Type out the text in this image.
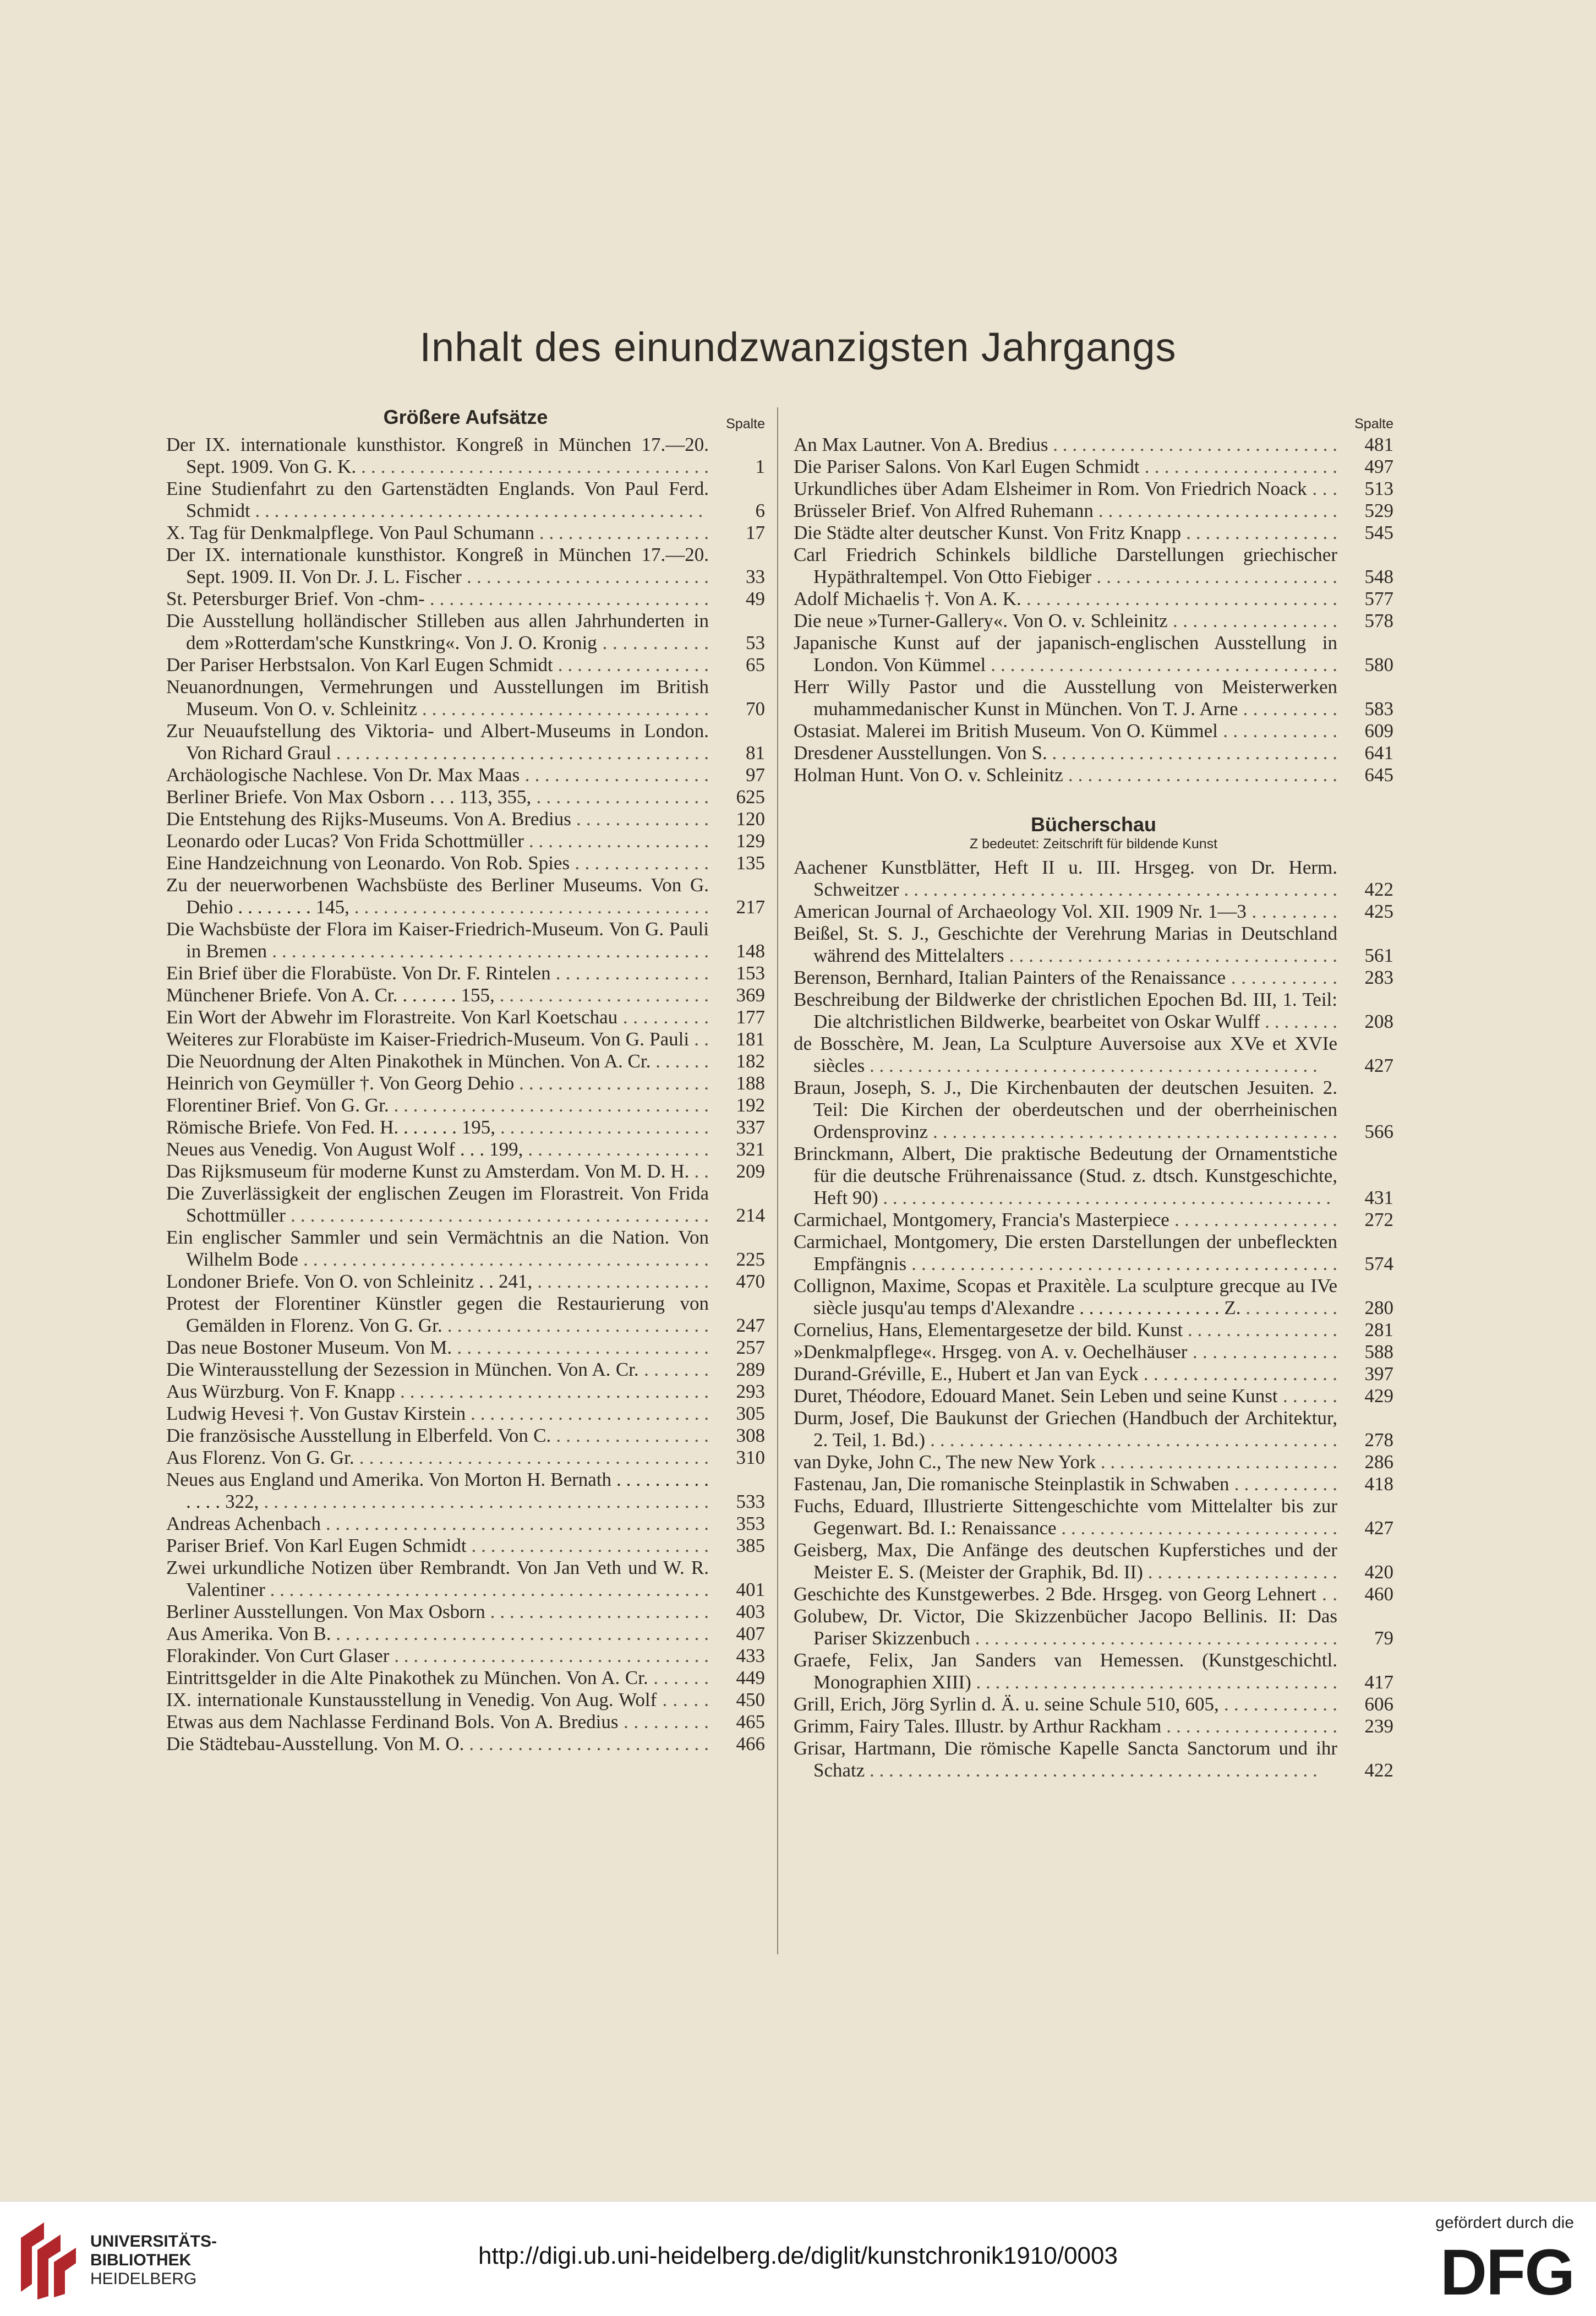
Inhalt des einundzwanzigsten Jahrgangs
Größere Aufsätze	Spalte
Der IX. internationale kunsthistor. Kongreß in München 17.—20. Sept. 1909. Von G. K. . . .	1
Eine Studienfahrt zu den Gartenstädten Englands. Von Paul Ferd. Schmidt . . .	6
X. Tag für Denkmalpflege. Von Paul Schumann . . .	17
Der IX. internationale kunsthistor. Kongreß in München 17.—20. Sept. 1909. II. Von Dr. J. L. Fischer . . .	33
St. Petersburger Brief. Von -chm- . . .	49
Die Ausstellung holländischer Stilleben aus allen Jahrhunderten in dem »Rotterdam'sche Kunstkring«. Von J. O. Kronig . . .	53
Der Pariser Herbstsalon. Von Karl Eugen Schmidt . . .	65
Neuanordnungen, Vermehrungen und Ausstellungen im British Museum. Von O. v. Schleinitz . . .	70
Zur Neuaufstellung des Viktoria- und Albert-Museums in London. Von Richard Graul . . .	81
Archäologische Nachlese. Von Dr. Max Maas . . .	97
Berliner Briefe. Von Max Osborn . . . 113, 355, . . .	625
Die Entstehung des Rijks-Museums. Von A. Bredius . . .	120
Leonardo oder Lucas? Von Frida Schottmüller . . .	129
Eine Handzeichnung von Leonardo. Von Rob. Spies . . .	135
Zu der neuerworbenen Wachsbüste des Berliner Museums. Von G. Dehio . . . . . . . . 145, . . .	217
Die Wachsbüste der Flora im Kaiser-Friedrich-Museum. Von G. Pauli in Bremen . . .	148
Ein Brief über die Florabüste. Von Dr. F. Rintelen . . .	153
Münchener Briefe. Von A. Cr. . . . . . . 155, . . .	369
Ein Wort der Abwehr im Florastreite. Von Karl Koetschau . . .	177
Weiteres zur Florabüste im Kaiser-Friedrich-Museum. Von G. Pauli . . .	181
Die Neuordnung der Alten Pinakothek in München. Von A. Cr. . . .	182
Heinrich von Geymüller †. Von Georg Dehio . . .	188
Florentiner Brief. Von G. Gr. . . .	192
Römische Briefe. Von Fed. H. . . . . . . 195, . . .	337
Neues aus Venedig. Von August Wolf . . . 199, . . .	321
Das Rijksmuseum für moderne Kunst zu Amsterdam. Von M. D. H. . . .	209
Die Zuverlässigkeit der englischen Zeugen im Florastreit. Von Frida Schottmüller . . .	214
Ein englischer Sammler und sein Vermächtnis an die Nation. Von Wilhelm Bode . . .	225
Londoner Briefe. Von O. von Schleinitz . . 241, . . .	470
Protest der Florentiner Künstler gegen die Restaurierung von Gemälden in Florenz. Von G. Gr. . . .	247
Das neue Bostoner Museum. Von M. . . .	257
Die Winterausstellung der Sezession in München. Von A. Cr. . . .	289
Aus Würzburg. Von F. Knapp . . .	293
Ludwig Hevesi †. Von Gustav Kirstein . . .	305
Die französische Ausstellung in Elberfeld. Von C. . . .	308
Aus Florenz. Von G. Gr. . . .	310
Neues aus England und Amerika. Von Morton H. Bernath . . . . . . . . . . . . . . 322, . . .	533
Andreas Achenbach . . .	353
Pariser Brief. Von Karl Eugen Schmidt . . .	385
Zwei urkundliche Notizen über Rembrandt. Von Jan Veth und W. R. Valentiner . . .	401
Berliner Ausstellungen. Von Max Osborn . . .	403
Aus Amerika. Von B. . . .	407
Florakinder. Von Curt Glaser . . .	433
Eintrittsgelder in die Alte Pinakothek zu München. Von A. Cr. . . .	449
IX. internationale Kunstausstellung in Venedig. Von Aug. Wolf . . .	450
Etwas aus dem Nachlasse Ferdinand Bols. Von A. Bredius . . .	465
Die Städtebau-Ausstellung. Von M. O. . . .	466
Spalte
An Max Lautner. Von A. Bredius . . .	481
Die Pariser Salons. Von Karl Eugen Schmidt . . .	497
Urkundliches über Adam Elsheimer in Rom. Von Friedrich Noack . . .	513
Brüsseler Brief. Von Alfred Ruhemann . . .	529
Die Städte alter deutscher Kunst. Von Fritz Knapp . . .	545
Carl Friedrich Schinkels bildliche Darstellungen griechischer Hypäthraltempel. Von Otto Fiebiger . . .	548
Adolf Michaelis †. Von A. K. . . .	577
Die neue »Turner-Gallery«. Von O. v. Schleinitz . . .	578
Japanische Kunst auf der japanisch-englischen Ausstellung in London. Von Kümmel . . .	580
Herr Willy Pastor und die Ausstellung von Meisterwerken muhammedanischer Kunst in München. Von T. J. Arne . . .	583
Ostasiat. Malerei im British Museum. Von O. Kümmel . . .	609
Dresdener Ausstellungen. Von S. . . .	641
Holman Hunt. Von O. v. Schleinitz . . .	645
Bücherschau
Z bedeutet: Zeitschrift für bildende Kunst
Aachener Kunstblätter, Heft II u. III. Hrsgeg. von Dr. Herm. Schweitzer . . .	422
American Journal of Archaeology Vol. XII. 1909 Nr. 1—3 . . .	425
Beißel, St. S. J., Geschichte der Verehrung Marias in Deutschland während des Mittelalters . . .	561
Berenson, Bernhard, Italian Painters of the Renaissance . . .	283
Beschreibung der Bildwerke der christlichen Epochen Bd. III, 1. Teil: Die altchristlichen Bildwerke, bearbeitet von Oskar Wulff . . .	208
de Bosschère, M. Jean, La Sculpture Auversoise aux XVe et XVIe siècles . . .	427
Braun, Joseph, S. J., Die Kirchenbauten der deutschen Jesuiten. 2. Teil: Die Kirchen der oberdeutschen und der oberrheinischen Ordensprovinz . . .	566
Brinckmann, Albert, Die praktische Bedeutung der Ornamentstiche für die deutsche Frührenaissance (Stud. z. dtsch. Kunstgeschichte, Heft 90) . . .	431
Carmichael, Montgomery, Francia's Masterpiece . . .	272
Carmichael, Montgomery, Die ersten Darstellungen der unbefleckten Empfängnis . . .	574
Collignon, Maxime, Scopas et Praxitèle. La sculpture grecque au IVe siècle jusqu'au temps d'Alexandre . . . . . . . . . . . . . . . Z. . . .	280
Cornelius, Hans, Elementargesetze der bild. Kunst . . .	281
»Denkmalpflege«. Hrsgeg. von A. v. Oechelhäuser . . .	588
Durand-Gréville, E., Hubert et Jan van Eyck . . .	397
Duret, Théodore, Edouard Manet. Sein Leben und seine Kunst . . .	429
Durm, Josef, Die Baukunst der Griechen (Handbuch der Architektur, 2. Teil, 1. Bd.) . . .	278
van Dyke, John C., The new New York . . .	286
Fastenau, Jan, Die romanische Steinplastik in Schwaben . . .	418
Fuchs, Eduard, Illustrierte Sittengeschichte vom Mittelalter bis zur Gegenwart. Bd. I.: Renaissance . . .	427
Geisberg, Max, Die Anfänge des deutschen Kupferstiches und der Meister E. S. (Meister der Graphik, Bd. II) . . .	420
Geschichte des Kunstgewerbes. 2 Bde. Hrsgeg. von Georg Lehnert . . .	460
Golubew, Dr. Victor, Die Skizzenbücher Jacopo Bellinis. II: Das Pariser Skizzenbuch . . .	79
Graefe, Felix, Jan Sanders van Hemessen. (Kunstgeschichtl. Monographien XIII) . . .	417
Grill, Erich, Jörg Syrlin d. Ä. u. seine Schule 510, 605, . . .	606
Grimm, Fairy Tales. Illustr. by Arthur Rackham . . .	239
Grisar, Hartmann, Die römische Kapelle Sancta Sanctorum und ihr Schatz . . .	422
UNIVERSITÄTS-
BIBLIOTHEK
HEIDELBERG
http://digi.ub.uni-heidelberg.de/diglit/kunstchronik1910/0003
gefördert durch die
DFG
